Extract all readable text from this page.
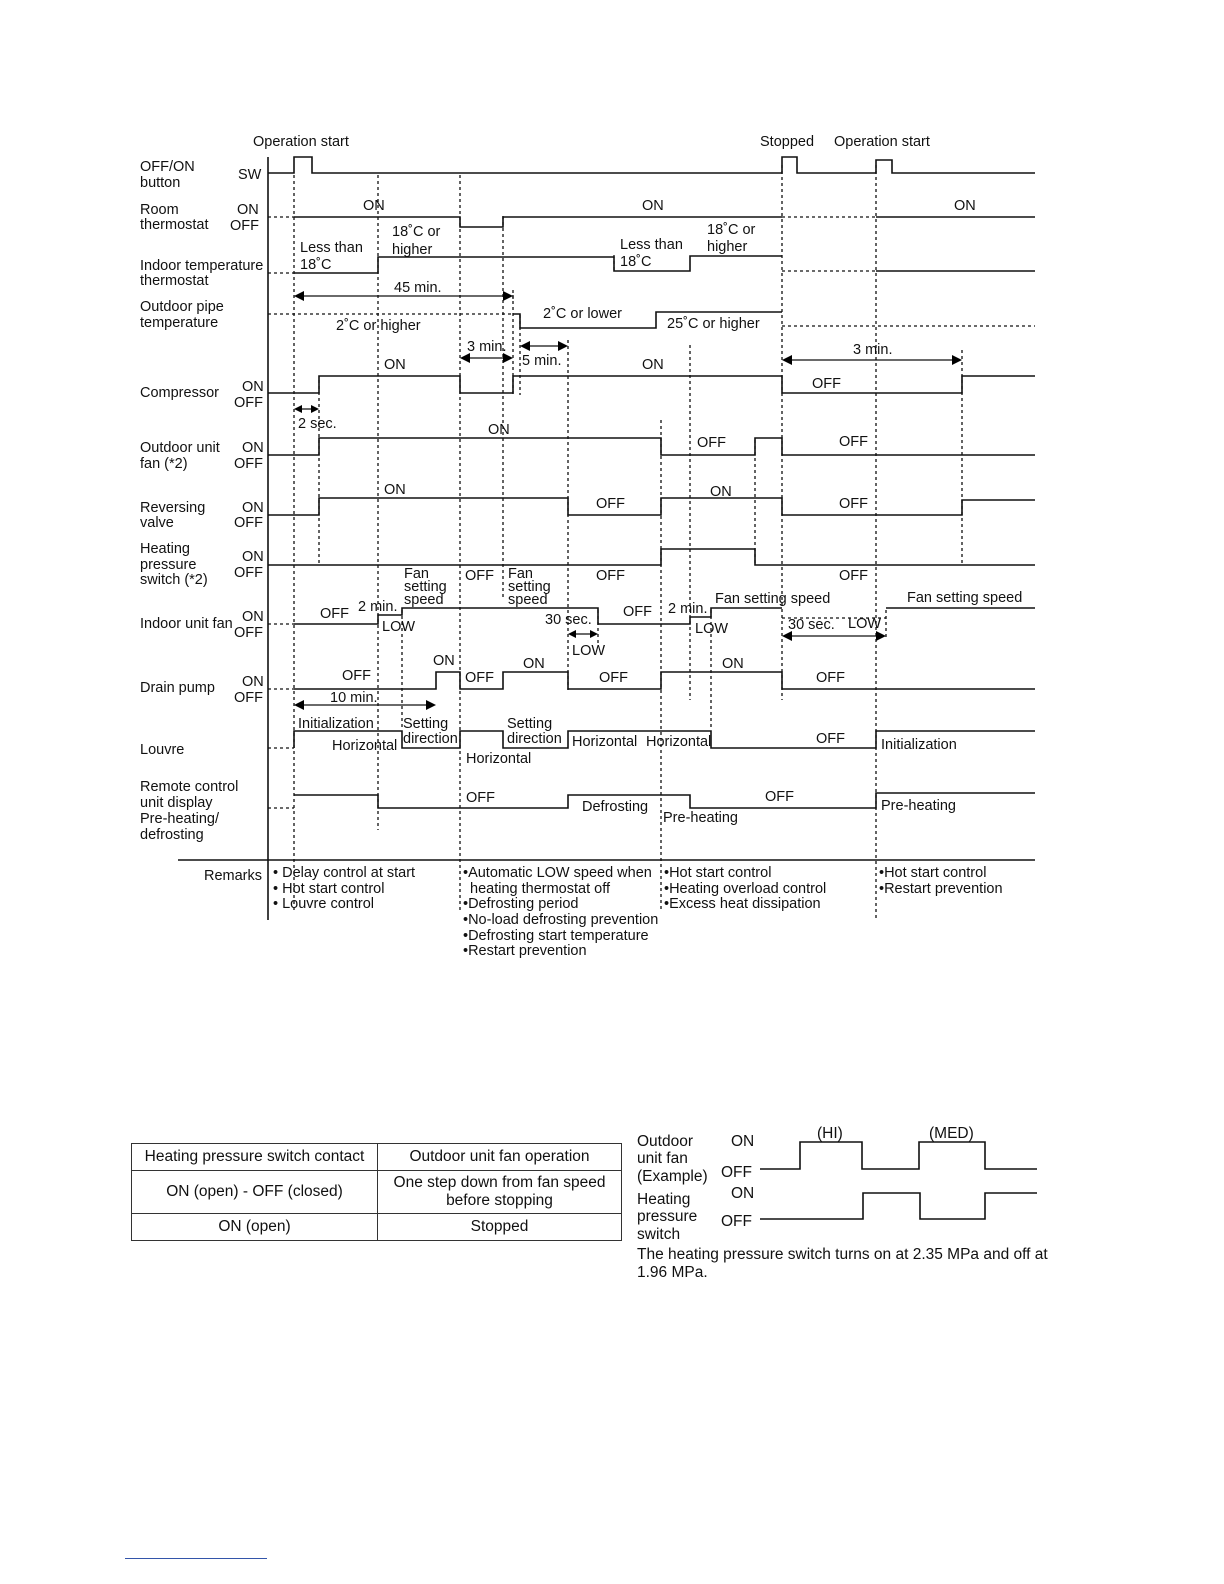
Operation start	Stopped Operation start
OFF/ON
button	SW
Room
thermostat
ON
OFF
Indoor temperature
thermostat
Outdoor pipe
temperature
Compressor ON
OFF
Outdoor unit
fan (*2)
ON
OFF
Reversing
valve
ON
OFF
Heating
pressure
switch (*2)
ON
OFF
Indoor unit fan ON
OFF
Drain pump ON
OFF
Louvre
Remote control
unit display
Pre-heating/
defrosting
ON	ON	ON
Less than
18˚C
18˚C or
higher	Less than
18˚C
18˚C or
higher
45 min.
2˚C or higher
2˚C or lower
25˚C or higher
3 min.
5 min.
3 min.
ON	ON
OFF
2 sec.	ON
OFF	OFF
ON	ON
OFF	OFF
Fan
setting
speed
OFF Fan
setting
speed
OFF	OFF
OFF 2 min.
LOW	30 sec.
LOW
OFF 2 min.
LOW
Fan setting speed	Fan setting speed
30 sec. LOW
OFF
ON
OFF
ON
OFF
ON
OFF
10 min.
Initialization Setting
direction
Horizontal
Horizontal
Setting
direction Horizontal Horizontal	OFF Initialization
OFF
Defrosting
Pre-heating
OFF
Pre-heating
Remarks • Delay control at start
• Hot start control
• Louvre control
•Automatic LOW speed when
heating thermostat off
•Defrosting period
•No-load defrosting prevention
•Defrosting start temperature
•Restart prevention
•Hot start control
•Heating overload control
•Excess heat dissipation
•Hot start control
•Restart prevention
Heating pressure switch contact	Outdoor unit fan operation
ON (open) - OFF (closed)	One step down from fan speed
before stopping

ON (open)	Stopped
Outdoor
unit fan
(Example)
Heating
pressure
switch
ON
OFF
ON
OFF
(HI)	(MED)
The heating pressure switch turns on at 2.35 MPa and off at 1.96 MPa.
